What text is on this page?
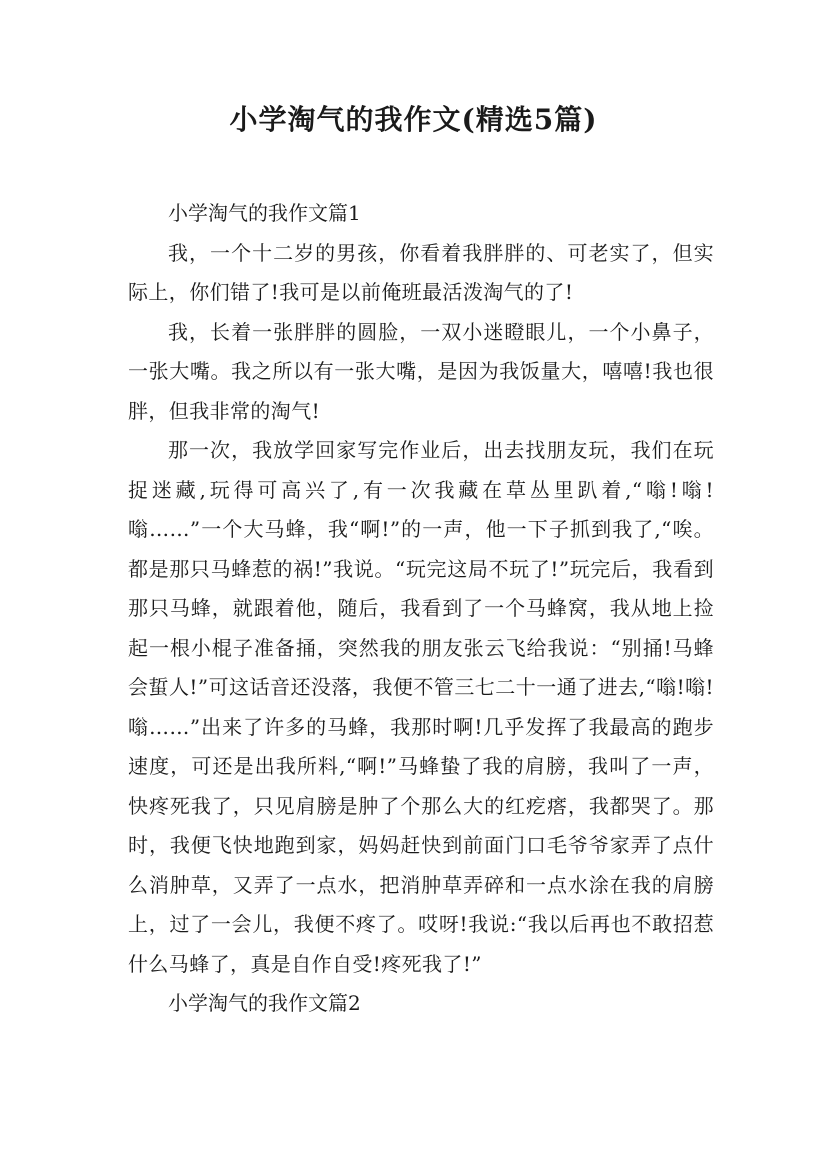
小学淘气的我作文(精选5篇)

小学淘气的我作文篇1

我，一个十二岁的男孩，你看着我胖胖的、可老实了，但实际上，你们错了!我可是以前俺班最活泼淘气的了!

我，长着一张胖胖的圆脸，一双小迷瞪眼儿，一个小鼻子，一张大嘴。我之所以有一张大嘴，是因为我饭量大，嘻嘻!我也很胖，但我非常的淘气!

那一次，我放学回家写完作业后，出去找朋友玩，我们在玩捉迷藏,玩得可高兴了,有一次我藏在草丛里趴着,“嗡!嗡!嗡……”一个大马蜂，我“啊!”的一声，他一下子抓到我了,“唉。都是那只马蜂惹的祸!”我说。“玩完这局不玩了!”玩完后，我看到那只马蜂，就跟着他，随后，我看到了一个马蜂窝，我从地上捡起一根小棍子准备捅，突然我的朋友张云飞给我说：“别捅!马蜂会蜇人!”可这话音还没落，我便不管三七二十一通了进去,“嗡!嗡!嗡……”出来了许多的马蜂，我那时啊!几乎发挥了我最高的跑步速度，可还是出我所料,“啊!”马蜂蛰了我的肩膀，我叫了一声，快疼死我了，只见肩膀是肿了个那么大的红疙瘩，我都哭了。那时，我便飞快地跑到家，妈妈赶快到前面门口毛爷爷家弄了点什么消肿草，又弄了一点水，把消肿草弄碎和一点水涂在我的肩膀上，过了一会儿，我便不疼了。哎呀!我说:“我以后再也不敢招惹什么马蜂了，真是自作自受!疼死我了!”

小学淘气的我作文篇2
